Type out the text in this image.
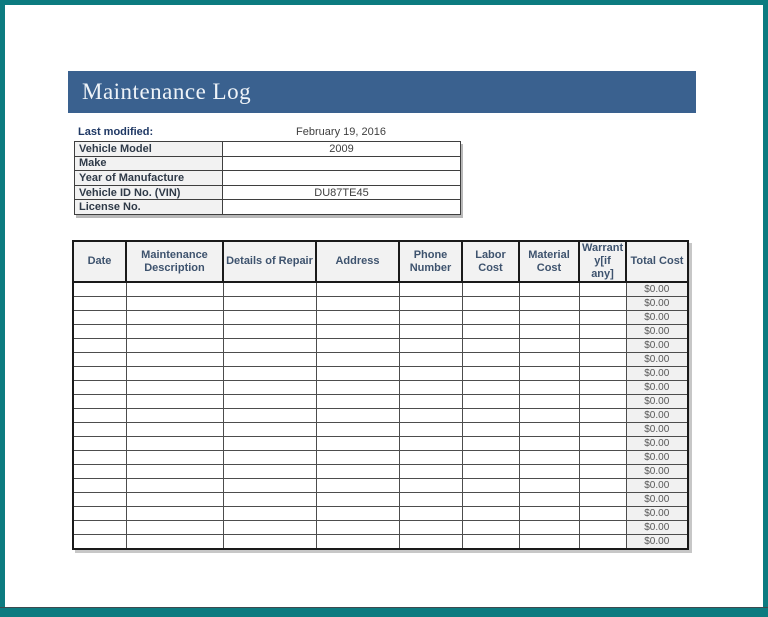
Maintenance Log
Last modified:	February 19, 2016
Vehicle Model	2009
Make	
Year of Manufacture	
Vehicle ID No. (VIN)	DU87TE45
License No.	
Date	Maintenance Description	Details of Repair	Address	Phone Number	Labor Cost	Material Cost	Warrant y[if any]	Total Cost
								$0.00
								$0.00
								$0.00
								$0.00
								$0.00
								$0.00
								$0.00
								$0.00
								$0.00
								$0.00
								$0.00
								$0.00
								$0.00
								$0.00
								$0.00
								$0.00
								$0.00
								$0.00
								$0.00
